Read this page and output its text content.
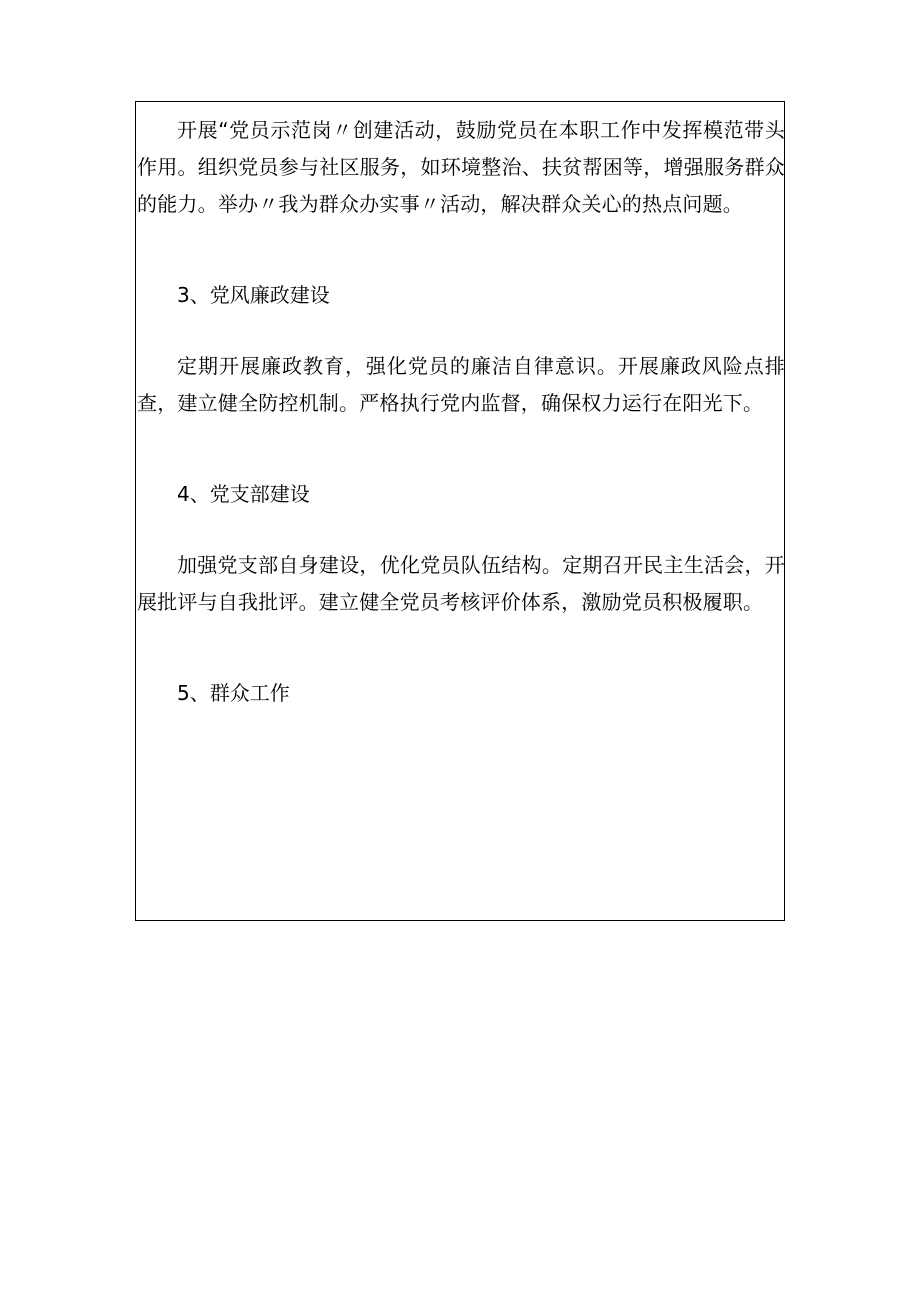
开展“党员示范岗〃创建活动，鼓励党员在本职工作中发挥模范带头作用。组织党员参与社区服务，如环境整治、扶贫帮困等，增强服务群众的能力。举办〃我为群众办实事〃活动，解决群众关心的热点问题。

3、党风廉政建设

定期开展廉政教育，强化党员的廉洁自律意识。开展廉政风险点排查，建立健全防控机制。严格执行党内监督，确保权力运行在阳光下。

4、党支部建设

加强党支部自身建设，优化党员队伍结构。定期召开民主生活会，开展批评与自我批评。建立健全党员考核评价体系，激励党员积极履职。

5、群众工作
